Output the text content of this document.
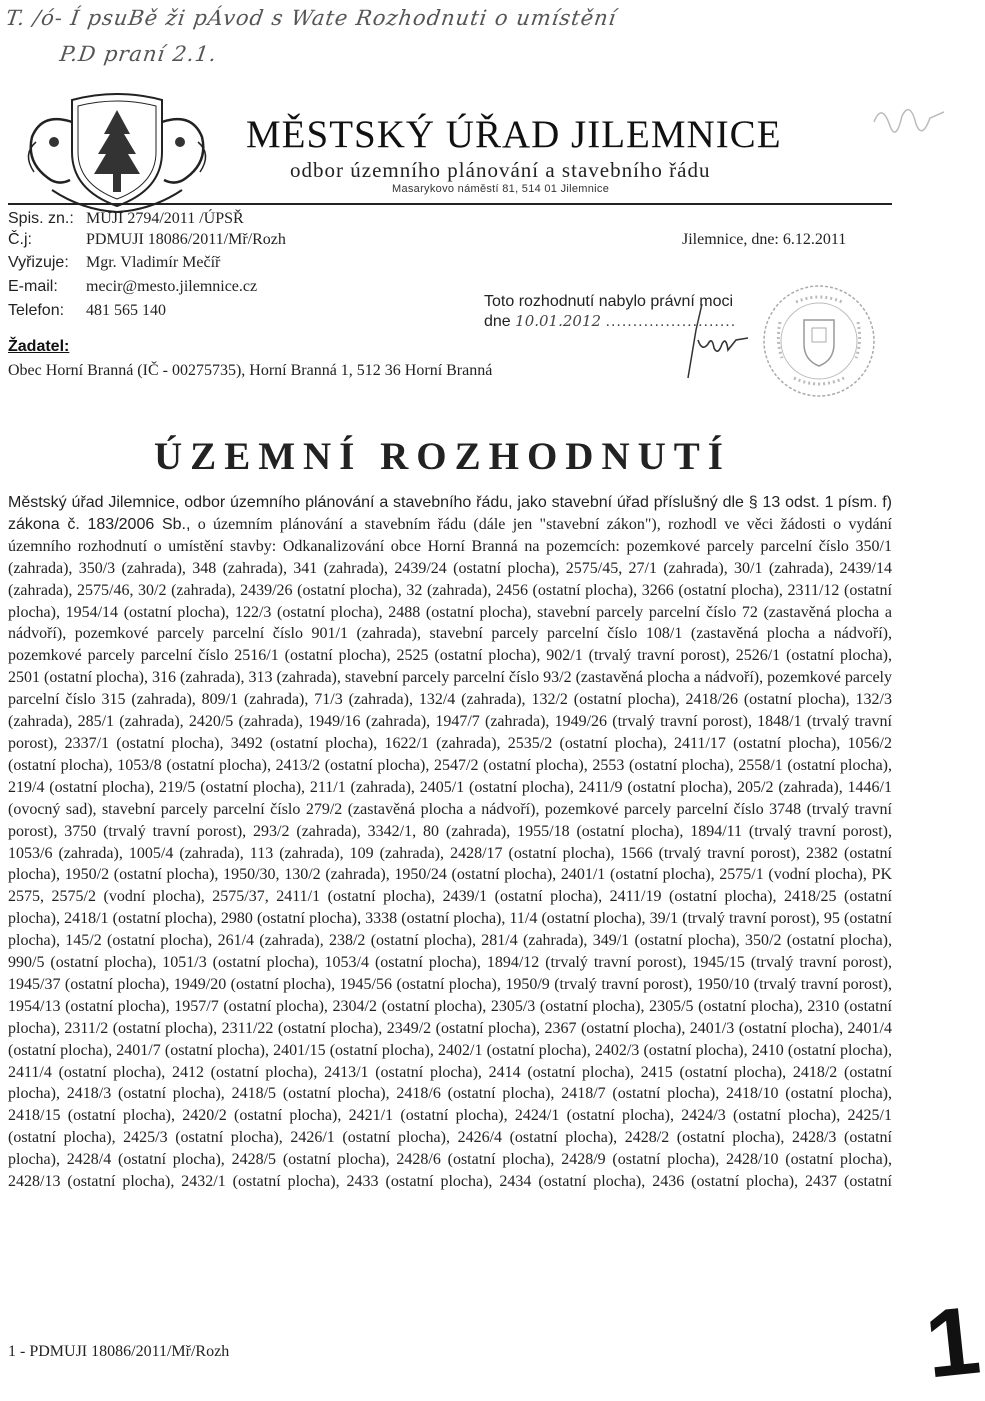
T. /ó- Í psuBě ži pÁvod s Wate Rozhodnuti o umístění
P.D praní 2.1.
MĚSTSKÝ ÚŘAD JILEMNICE
odbor územního plánování a stavebního řádu
Masarykovo náměstí 81, 514 01 Jilemnice
Spis. zn.: MUJI 2794/2011 /ÚPSŘ
Č.j:	PDMUJI 18086/2011/Mř/Rozh
Vyřizuje: Mgr. Vladimír Mečíř
E-mail: mecir@mesto.jilemnice.cz
Telefon: 481 565 140
Jilemnice, dne: 6.12.2011
Toto rozhodnutí nabylo právní moci
dne 10.01.2012 ........................
Žadatel:
Obec Horní Branná (IČ - 00275735), Horní Branná 1, 512 36 Horní Branná
ÚZEMNÍ ROZHODNUTÍ
Městský úřad Jilemnice, odbor územního plánování a stavebního řádu, jako stavební úřad příslušný dle § 13 odst. 1 písm. f) zákona č. 183/2006 Sb., o územním plánování a stavebním řádu (dále jen "stavební zákon"), rozhodl ve věci žádosti o vydání územního rozhodnutí o umístění stavby: Odkanalizování obce Horní Branná na pozemcích: pozemkové parcely parcelní číslo 350/1 (zahrada), 350/3 (zahrada), 348 (zahrada), 341 (zahrada), 2439/24 (ostatní plocha), 2575/45, 27/1 (zahrada), 30/1 (zahrada), 2439/14 (zahrada), 2575/46, 30/2 (zahrada), 2439/26 (ostatní plocha), 32 (zahrada), 2456 (ostatní plocha), 3266 (ostatní plocha), 2311/12 (ostatní plocha), 1954/14 (ostatní plocha), 122/3 (ostatní plocha), 2488 (ostatní plocha), stavební parcely parcelní číslo 72 (zastavěná plocha a nádvoří), pozemkové parcely parcelní číslo 901/1 (zahrada), stavební parcely parcelní číslo 108/1 (zastavěná plocha a nádvoří), pozemkové parcely parcelní číslo 2516/1 (ostatní plocha), 2525 (ostatní plocha), 902/1 (trvalý travní porost), 2526/1 (ostatní plocha), 2501 (ostatní plocha), 316 (zahrada), 313 (zahrada), stavební parcely parcelní číslo 93/2 (zastavěná plocha a nádvoří), pozemkové parcely parcelní číslo 315 (zahrada), 809/1 (zahrada), 71/3 (zahrada), 132/4 (zahrada), 132/2 (ostatní plocha), 2418/26 (ostatní plocha), 132/3 (zahrada), 285/1 (zahrada), 2420/5 (zahrada), 1949/16 (zahrada), 1947/7 (zahrada), 1949/26 (trvalý travní porost), 1848/1 (trvalý travní porost), 2337/1 (ostatní plocha), 3492 (ostatní plocha), 1622/1 (zahrada), 2535/2 (ostatní plocha), 2411/17 (ostatní plocha), 1056/2 (ostatní plocha), 1053/8 (ostatní plocha), 2413/2 (ostatní plocha), 2547/2 (ostatní plocha), 2553 (ostatní plocha), 2558/1 (ostatní plocha), 219/4 (ostatní plocha), 219/5 (ostatní plocha), 211/1 (zahrada), 2405/1 (ostatní plocha), 2411/9 (ostatní plocha), 205/2 (zahrada), 1446/1 (ovocný sad), stavební parcely parcelní číslo 279/2 (zastavěná plocha a nádvoří), pozemkové parcely parcelní číslo 3748 (trvalý travní porost), 3750 (trvalý travní porost), 293/2 (zahrada), 3342/1, 80 (zahrada), 1955/18 (ostatní plocha), 1894/11 (trvalý travní porost), 1053/6 (zahrada), 1005/4 (zahrada), 113 (zahrada), 109 (zahrada), 2428/17 (ostatní plocha), 1566 (trvalý travní porost), 2382 (ostatní plocha), 1950/2 (ostatní plocha), 1950/30, 130/2 (zahrada), 1950/24 (ostatní plocha), 2401/1 (ostatní plocha), 2575/1 (vodní plocha), PK 2575, 2575/2 (vodní plocha), 2575/37, 2411/1 (ostatní plocha), 2439/1 (ostatní plocha), 2411/19 (ostatní plocha), 2418/25 (ostatní plocha), 2418/1 (ostatní plocha), 2980 (ostatní plocha), 3338 (ostatní plocha), 11/4 (ostatní plocha), 39/1 (trvalý travní porost), 95 (ostatní plocha), 145/2 (ostatní plocha), 261/4 (zahrada), 238/2 (ostatní plocha), 281/4 (zahrada), 349/1 (ostatní plocha), 350/2 (ostatní plocha), 990/5 (ostatní plocha), 1051/3 (ostatní plocha), 1053/4 (ostatní plocha), 1894/12 (trvalý travní porost), 1945/15 (trvalý travní porost), 1945/37 (ostatní plocha), 1949/20 (ostatní plocha), 1945/56 (ostatní plocha), 1950/9 (trvalý travní porost), 1950/10 (trvalý travní porost), 1954/13 (ostatní plocha), 1957/7 (ostatní plocha), 2304/2 (ostatní plocha), 2305/3 (ostatní plocha), 2305/5 (ostatní plocha), 2310 (ostatní plocha), 2311/2 (ostatní plocha), 2311/22 (ostatní plocha), 2349/2 (ostatní plocha), 2367 (ostatní plocha), 2401/3 (ostatní plocha), 2401/4 (ostatní plocha), 2401/7 (ostatní plocha), 2401/15 (ostatní plocha), 2402/1 (ostatní plocha), 2402/3 (ostatní plocha), 2410 (ostatní plocha), 2411/4 (ostatní plocha), 2412 (ostatní plocha), 2413/1 (ostatní plocha), 2414 (ostatní plocha), 2415 (ostatní plocha), 2418/2 (ostatní plocha), 2418/3 (ostatní plocha), 2418/5 (ostatní plocha), 2418/6 (ostatní plocha), 2418/7 (ostatní plocha), 2418/10 (ostatní plocha), 2418/15 (ostatní plocha), 2420/2 (ostatní plocha), 2421/1 (ostatní plocha), 2424/1 (ostatní plocha), 2424/3 (ostatní plocha), 2425/1 (ostatní plocha), 2425/3 (ostatní plocha), 2426/1 (ostatní plocha), 2426/4 (ostatní plocha), 2428/2 (ostatní plocha), 2428/3 (ostatní plocha), 2428/4 (ostatní plocha), 2428/5 (ostatní plocha), 2428/6 (ostatní plocha), 2428/9 (ostatní plocha), 2428/10 (ostatní plocha), 2428/13 (ostatní plocha), 2432/1 (ostatní plocha), 2433 (ostatní plocha), 2434 (ostatní plocha), 2436 (ostatní plocha), 2437 (ostatní
1 - PDMUJI 18086/2011/Mř/Rozh	1
